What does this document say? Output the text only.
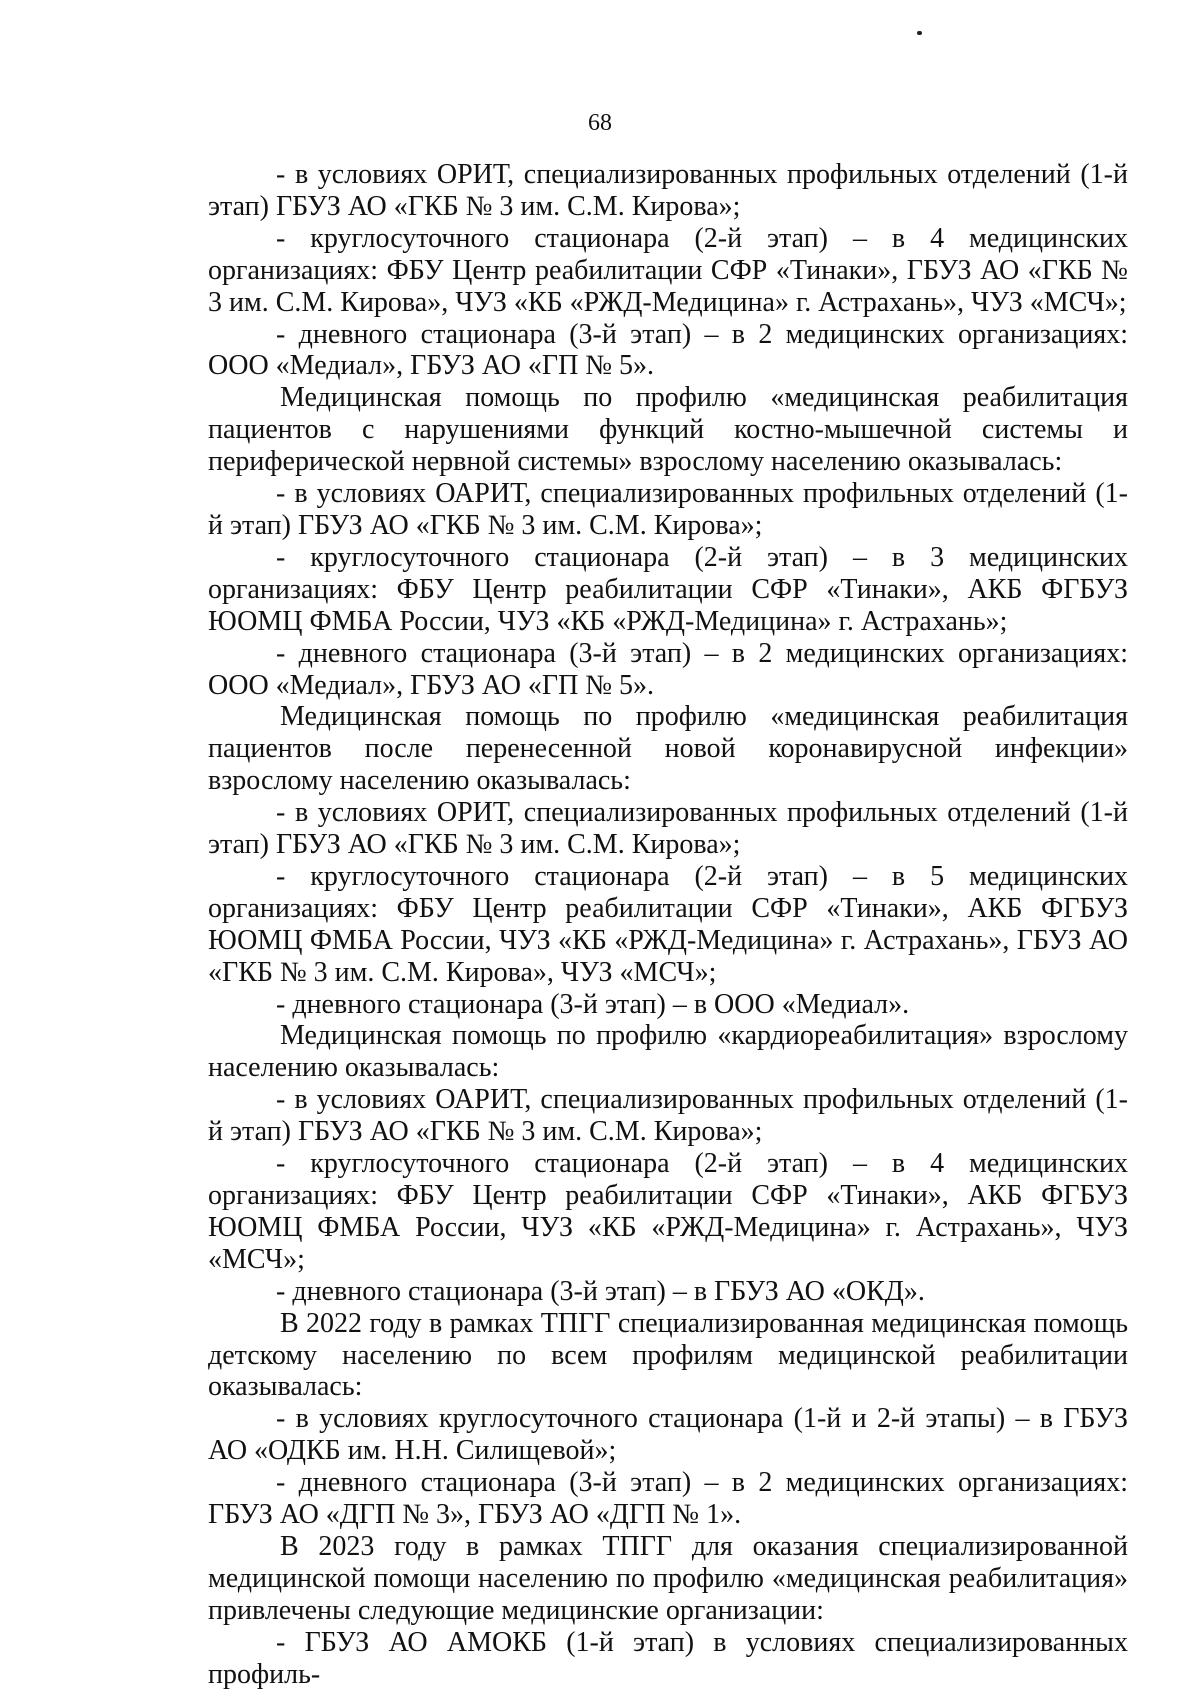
68

- в условиях ОРИТ, специализированных профильных отделений (1-й этап) ГБУЗ АО «ГКБ № 3 им. С.М. Кирова»;

- круглосуточного стационара (2-й этап) – в 4 медицинских организациях: ФБУ Центр реабилитации СФР «Тинаки», ГБУЗ АО «ГКБ № 3 им. С.М. Кирова», ЧУЗ «КБ «РЖД-Медицина» г. Астрахань», ЧУЗ «МСЧ»;

- дневного стационара (3-й этап) – в 2 медицинских организациях: ООО «Медиал», ГБУЗ АО «ГП № 5».

Медицинская помощь по профилю «медицинская реабилитация пациентов с нарушениями функций костно-мышечной системы и периферической нервной системы» взрослому населению оказывалась:

- в условиях ОАРИТ, специализированных профильных отделений (1-й этап) ГБУЗ АО «ГКБ № 3 им. С.М. Кирова»;

- круглосуточного стационара (2-й этап) – в 3 медицинских организациях: ФБУ Центр реабилитации СФР «Тинаки», АКБ ФГБУЗ ЮОМЦ ФМБА России, ЧУЗ «КБ «РЖД-Медицина» г. Астрахань»;

- дневного стационара (3-й этап) – в 2 медицинских организациях: ООО «Медиал», ГБУЗ АО «ГП № 5».

Медицинская помощь по профилю «медицинская реабилитация пациентов после перенесенной новой коронавирусной инфекции» взрослому населению оказывалась:

- в условиях ОРИТ, специализированных профильных отделений (1-й этап) ГБУЗ АО «ГКБ № 3 им. С.М. Кирова»;

- круглосуточного стационара (2-й этап) – в 5 медицинских организациях: ФБУ Центр реабилитации СФР «Тинаки», АКБ ФГБУЗ ЮОМЦ ФМБА России, ЧУЗ «КБ «РЖД-Медицина» г. Астрахань», ГБУЗ АО «ГКБ № 3 им. С.М. Кирова», ЧУЗ «МСЧ»;

- дневного стационара (3-й этап) – в ООО «Медиал».

Медицинская помощь по профилю «кардиореабилитация» взрослому населению оказывалась:

- в условиях ОАРИТ, специализированных профильных отделений (1-й этап) ГБУЗ АО «ГКБ № 3 им. С.М. Кирова»;

- круглосуточного стационара (2-й этап) – в 4 медицинских организациях: ФБУ Центр реабилитации СФР «Тинаки», АКБ ФГБУЗ ЮОМЦ ФМБА России, ЧУЗ «КБ «РЖД-Медицина» г. Астрахань», ЧУЗ «МСЧ»;

- дневного стационара (3-й этап) – в ГБУЗ АО «ОКД».

В 2022 году в рамках ТПГГ специализированная медицинская помощь детскому населению по всем профилям медицинской реабилитации оказывалась:

- в условиях круглосуточного стационара (1-й и 2-й этапы) – в ГБУЗ АО «ОДКБ им. Н.Н. Силищевой»;

- дневного стационара (3-й этап) – в 2 медицинских организациях: ГБУЗ АО «ДГП № 3», ГБУЗ АО «ДГП № 1».

В 2023 году в рамках ТПГГ для оказания специализированной медицинской помощи населению по профилю «медицинская реабилитация» привлечены следующие медицинские организации:

- ГБУЗ АО АМОКБ (1-й этап) в условиях специализированных профиль-
